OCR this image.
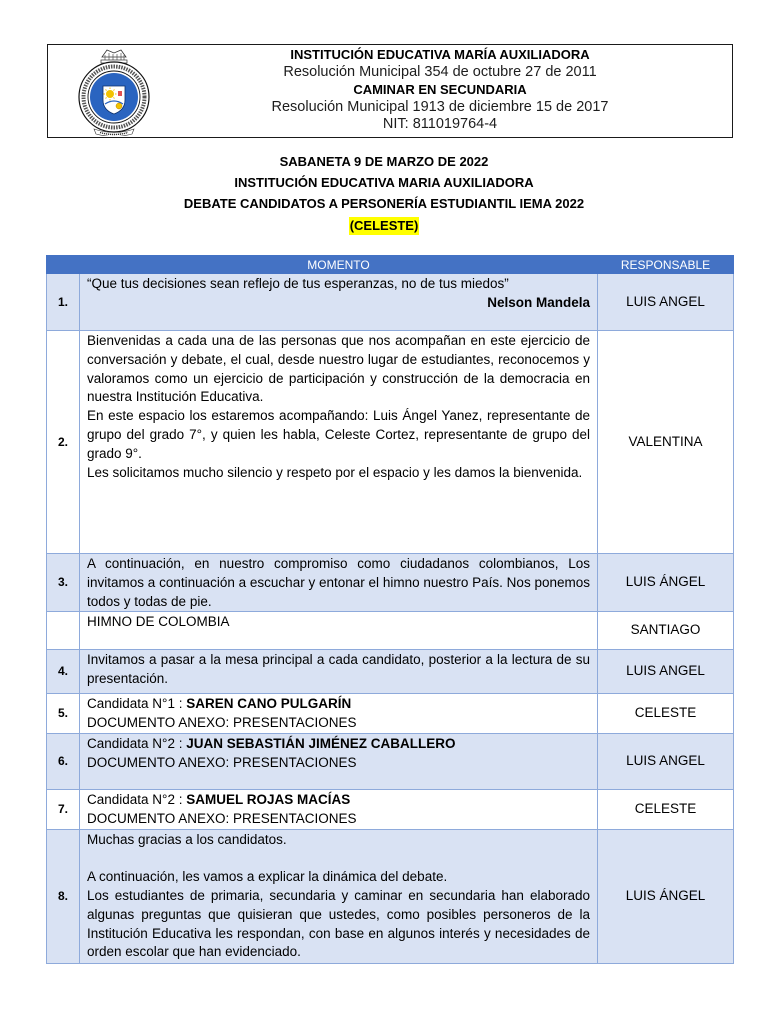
INSTITUCIÓN EDUCATIVA MARÍA AUXILIADORA
Resolución Municipal 354 de octubre 27 de 2011
CAMINAR EN SECUNDARIA
Resolución Municipal 1913 de diciembre 15 de 2017
NIT: 811019764-4
SABANETA 9 DE MARZO DE 2022
INSTITUCIÓN EDUCATIVA MARIA AUXILIADORA
DEBATE CANDIDATOS A PERSONERÍA ESTUDIANTIL IEMA 2022
(CELESTE)
	MOMENTO	RESPONSABLE
1.	“Que tus decisiones sean reflejo de tus esperanzas, no de tus miedos”
Nelson Mandela	LUIS ANGEL
2.	Bienvenidas a cada una de las personas que nos acompañan en este ejercicio de conversación y debate, el cual, desde nuestro lugar de estudiantes, reconocemos y valoramos como un ejercicio de participación y construcción de la democracia en nuestra Institución Educativa.
En este espacio los estaremos acompañando: Luis Ángel Yanez, representante de grupo del grado 7°, y quien les habla, Celeste Cortez, representante de grupo del grado 9°.
Les solicitamos mucho silencio y respeto por el espacio y les damos la bienvenida.	VALENTINA
3.	A continuación, en nuestro compromiso como ciudadanos colombianos, Los invitamos a continuación a escuchar y entonar el himno nuestro País. Nos ponemos todos y todas de pie.	LUIS ÁNGEL

	HIMNO DE COLOMBIA	SANTIAGO
4.	Invitamos a pasar a la mesa principal a cada candidato, posterior a la lectura de su presentación.	LUIS ANGEL
5.	Candidata N°1 : SAREN CANO PULGARÍN
DOCUMENTO ANEXO: PRESENTACIONES	CELESTE
6.	Candidata N°2 : JUAN SEBASTIÁN JIMÉNEZ CABALLERO
DOCUMENTO ANEXO: PRESENTACIONES	LUIS ANGEL
7.	Candidata N°2 : SAMUEL ROJAS MACÍAS
DOCUMENTO ANEXO: PRESENTACIONES	CELESTE
8.	Muchas gracias a los candidatos.
A continuación, les vamos a explicar la dinámica del debate.
Los estudiantes de primaria, secundaria y caminar en secundaria han elaborado algunas preguntas que quisieran que ustedes, como posibles personeros de la Institución Educativa les respondan, con base en algunos interés y necesidades de orden escolar que han evidenciado.	LUIS ÁNGEL
